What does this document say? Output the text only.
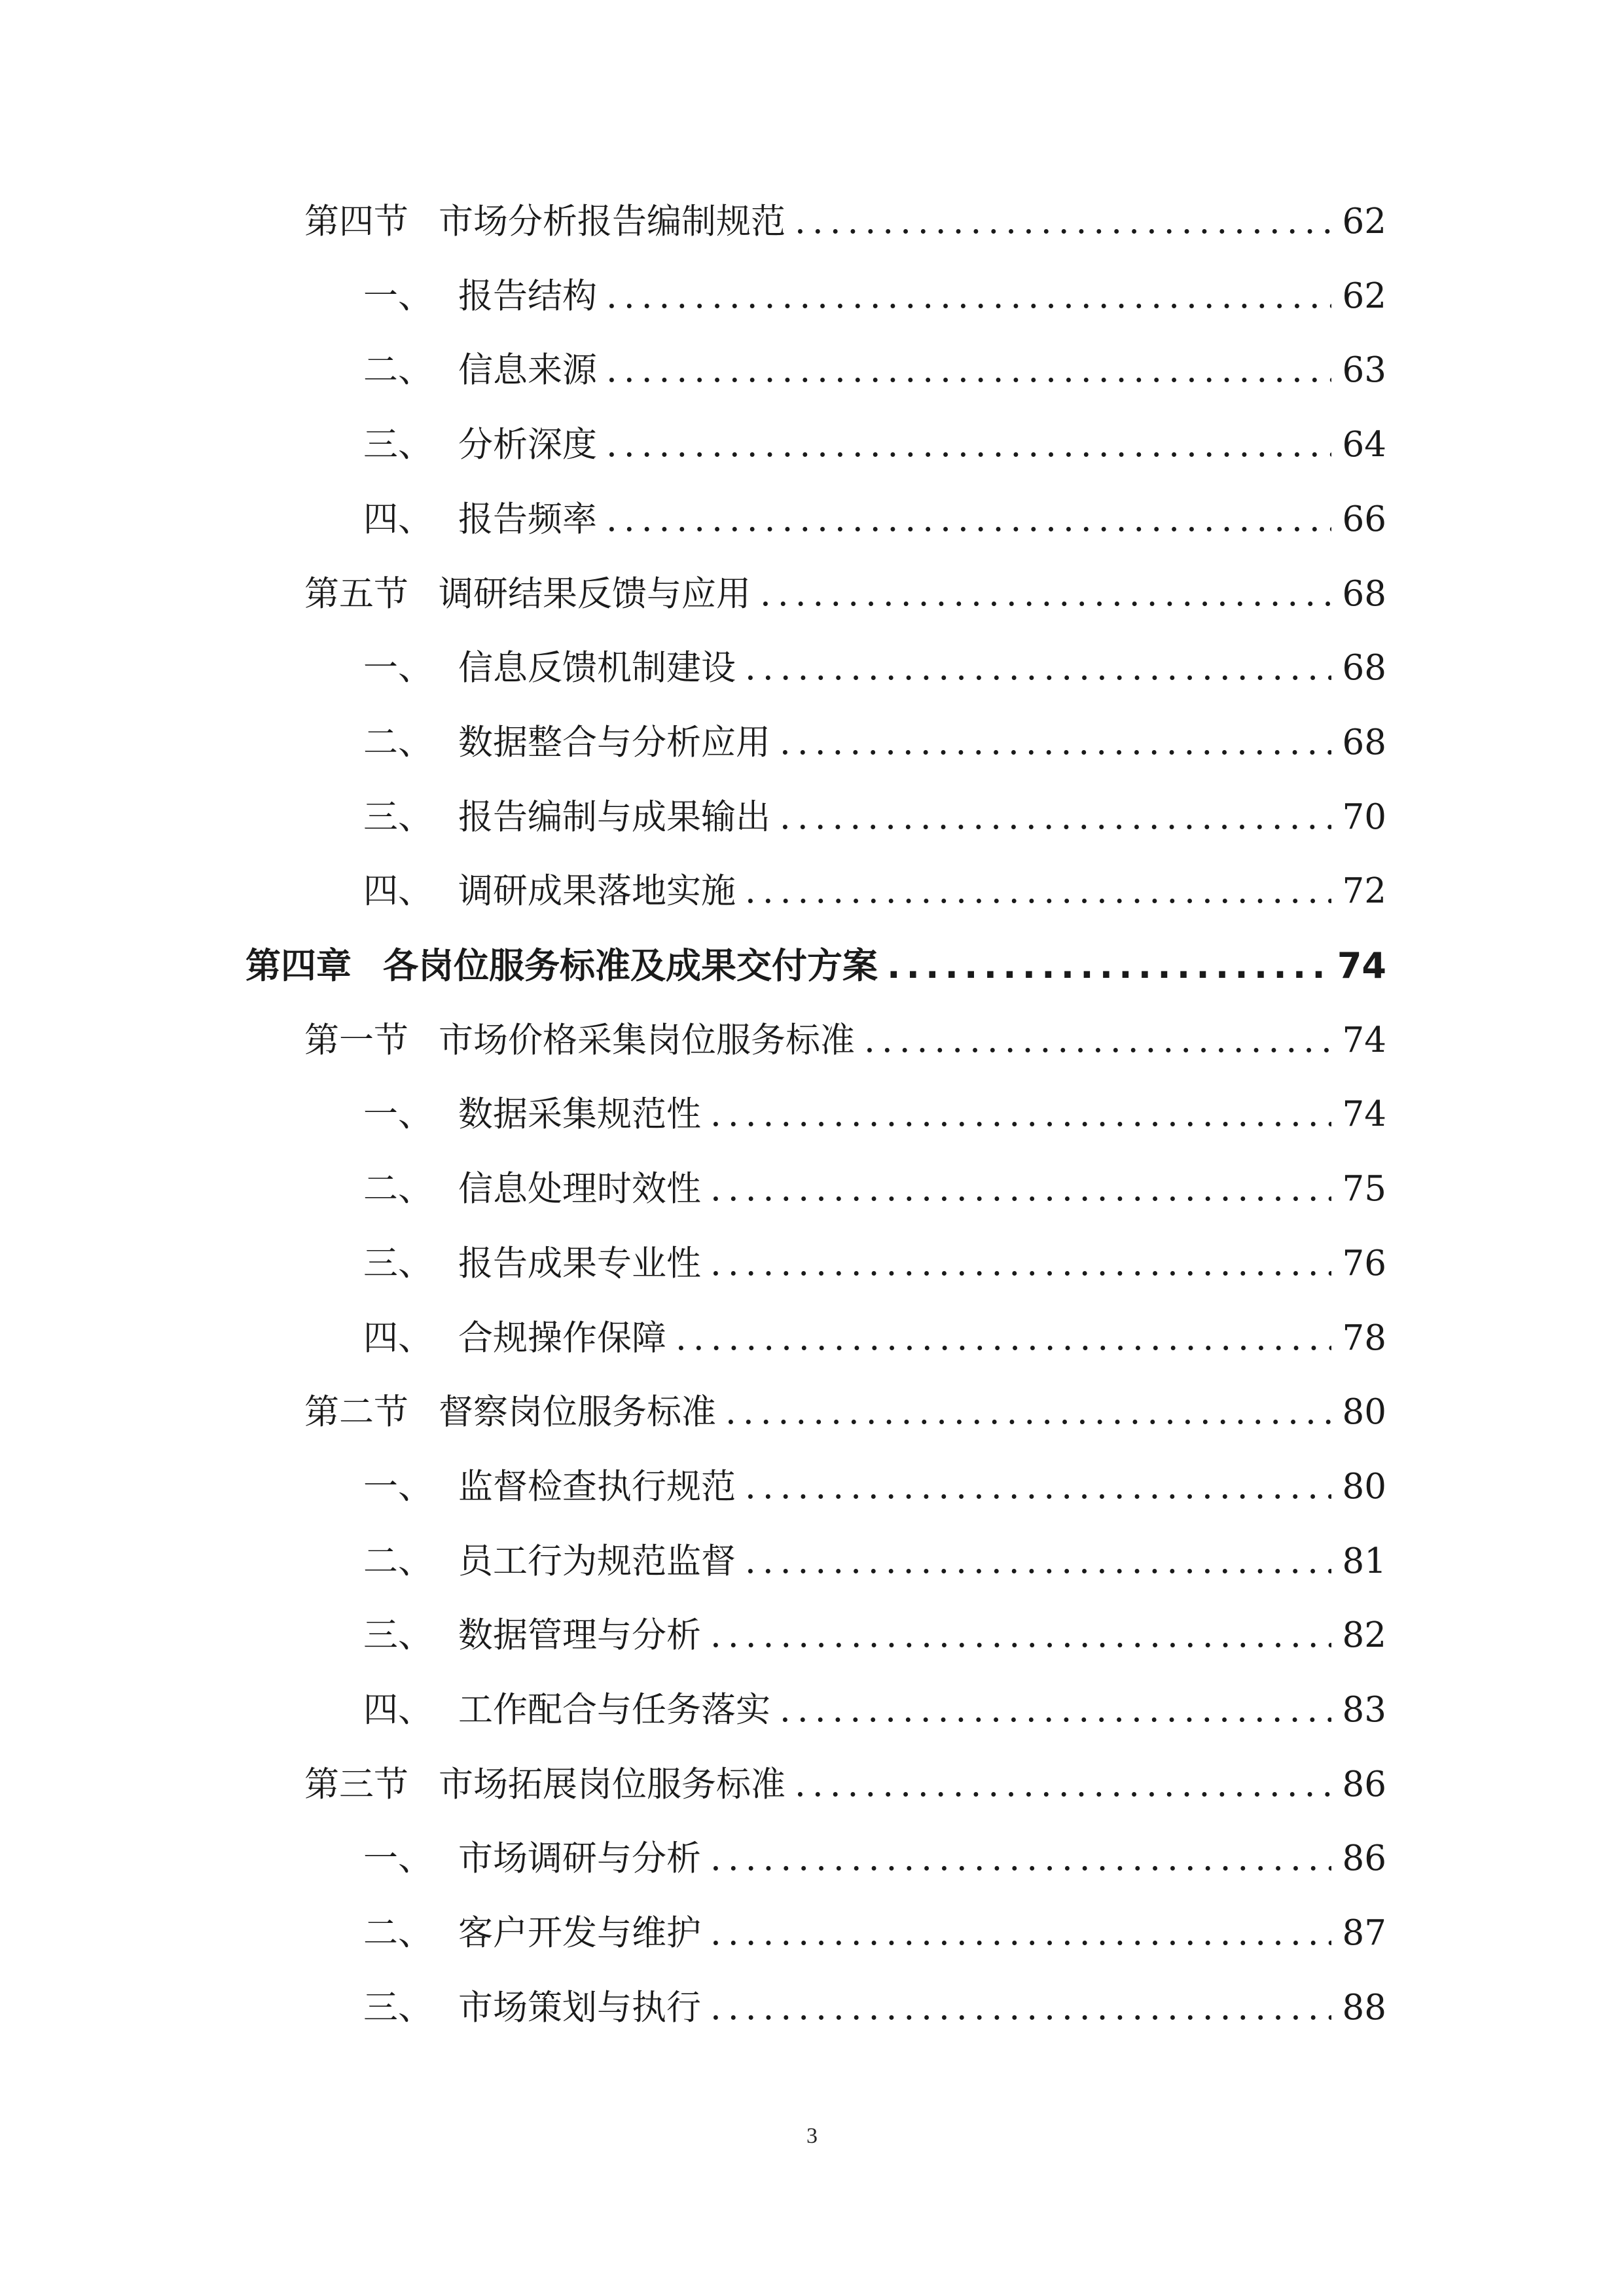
第四节 市场分析报告编制规范 .....	62
一、 报告结构 .....	62
二、 信息来源 .....	63
三、 分析深度 .....	64
四、 报告频率 .....	66
第五节 调研结果反馈与应用 .....	68
一、 信息反馈机制建设 .....	68
二、 数据整合与分析应用 .....	68
三、 报告编制与成果输出 .....	70
四、 调研成果落地实施 .....	72
第四章 各岗位服务标准及成果交付方案 .....	74
第一节 市场价格采集岗位服务标准 .....	74
一、 数据采集规范性 .....	74
二、 信息处理时效性 .....	75
三、 报告成果专业性 .....	76
四、 合规操作保障 .....	78
第二节 督察岗位服务标准 .....	80
一、 监督检查执行规范 .....	80
二、 员工行为规范监督 .....	81
三、 数据管理与分析 .....	82
四、 工作配合与任务落实 .....	83
第三节 市场拓展岗位服务标准 .....	86
一、 市场调研与分析 .....	86
二、 客户开发与维护 .....	87
三、 市场策划与执行 .....	88
3
